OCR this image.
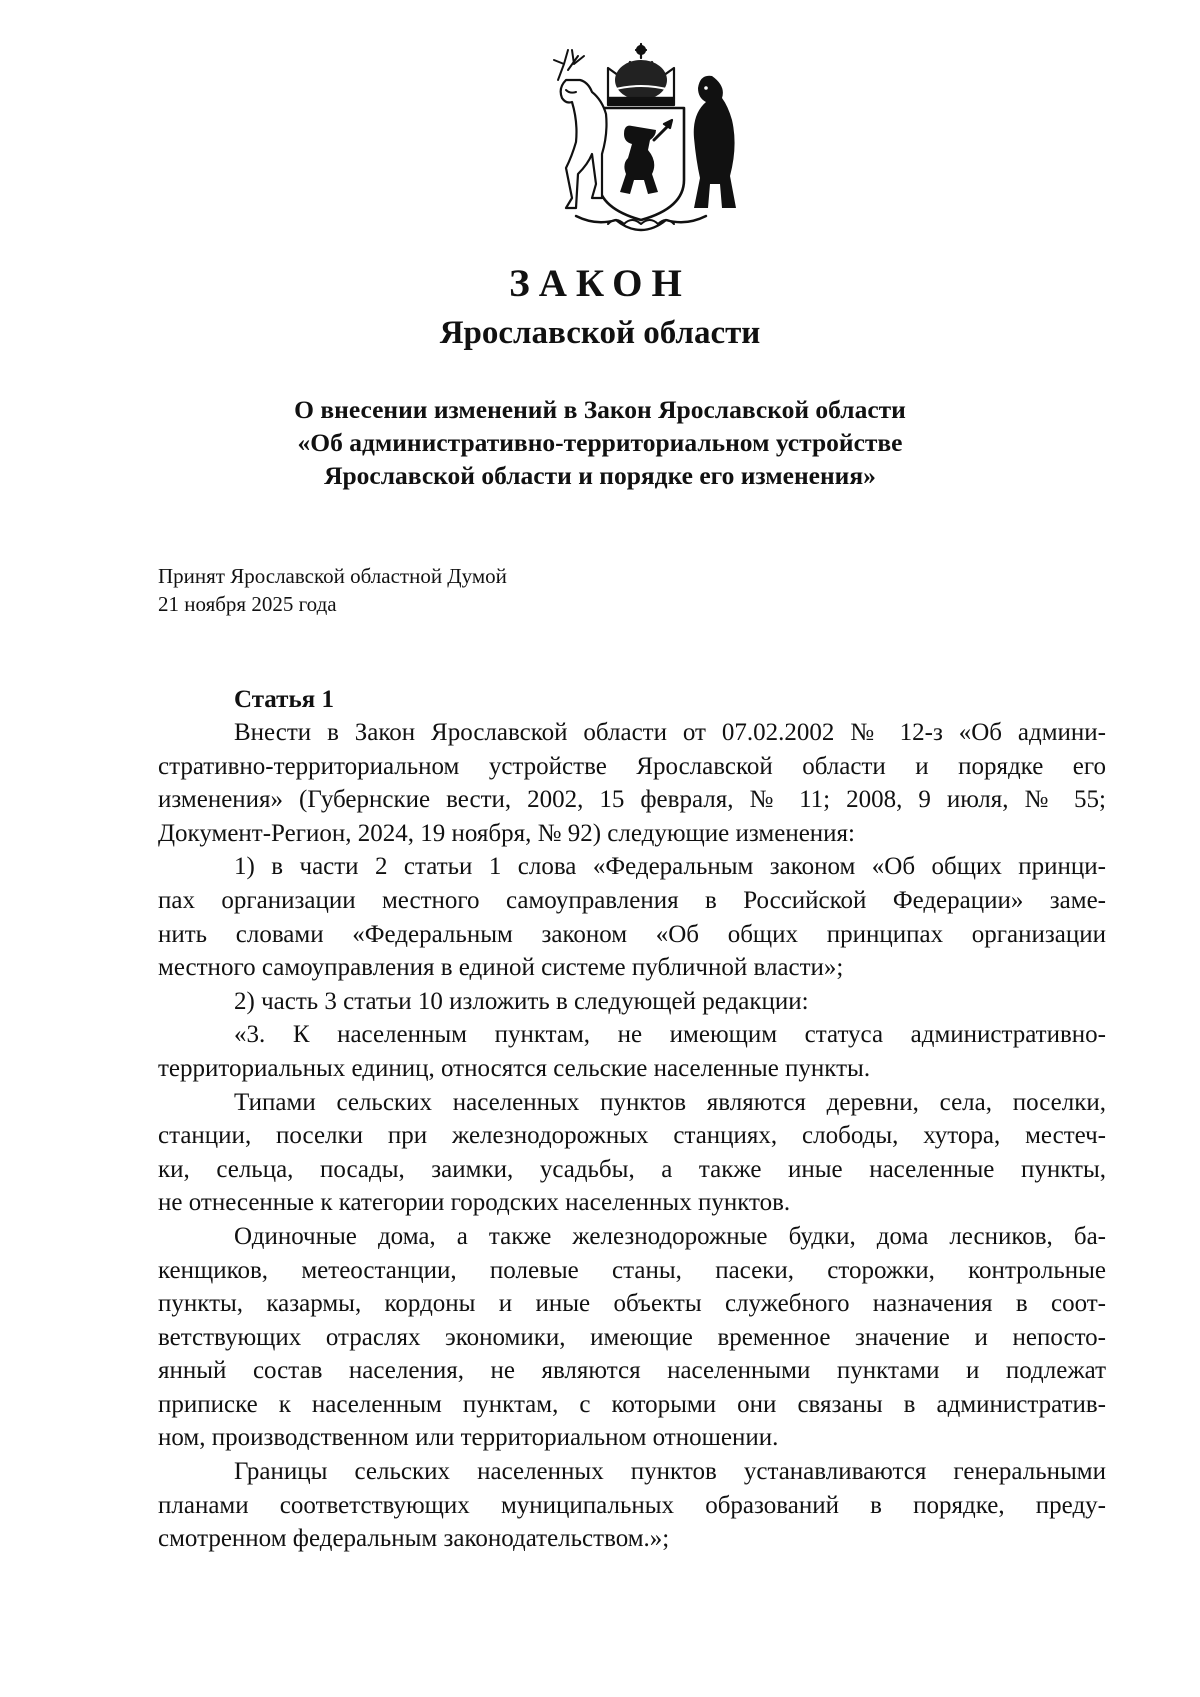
ЗАКОН
Ярославской области
О внесении изменений в Закон Ярославской области
«Об административно-территориальном устройстве
Ярославской области и порядке его изменения»
Принят Ярославской областной Думой
21 ноября 2025 года
Статья 1
Внести в Закон Ярославской области от 07.02.2002 № 12-з «Об админи-
стративно-территориальном устройстве Ярославской области и порядке его
изменения» (Губернские вести, 2002, 15 февраля, № 11; 2008, 9 июля, № 55;
Документ-Регион, 2024, 19 ноября, № 92) следующие изменения:
1) в части 2 статьи 1 слова «Федеральным законом «Об общих принци-
пах организации местного самоуправления в Российской Федерации» заме-
нить словами «Федеральным законом «Об общих принципах организации
местного самоуправления в единой системе публичной власти»;
2) часть 3 статьи 10 изложить в следующей редакции:
«3. К населенным пунктам, не имеющим статуса административно-
территориальных единиц, относятся сельские населенные пункты.
Типами сельских населенных пунктов являются деревни, села, поселки,
станции, поселки при железнодорожных станциях, слободы, хутора, местеч-
ки, сельца, посады, заимки, усадьбы, а также иные населенные пункты,
не отнесенные к категории городских населенных пунктов.
Одиночные дома, а также железнодорожные будки, дома лесников, ба-
кенщиков, метеостанции, полевые станы, пасеки, сторожки, контрольные
пункты, казармы, кордоны и иные объекты служебного назначения в соот-
ветствующих отраслях экономики, имеющие временное значение и непосто-
янный состав населения, не являются населенными пунктами и подлежат
приписке к населенным пунктам, с которыми они связаны в административ-
ном, производственном или территориальном отношении.
Границы сельских населенных пунктов устанавливаются генеральными
планами соответствующих муниципальных образований в порядке, преду-
смотренном федеральным законодательством.»;
